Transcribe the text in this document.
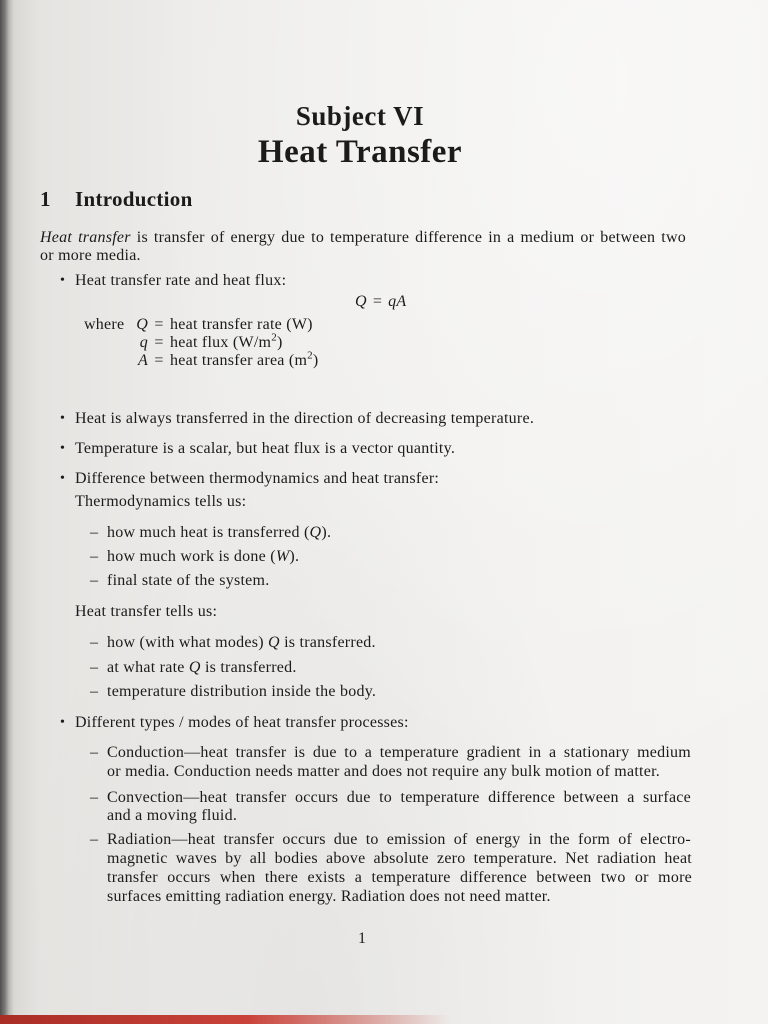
Subject VI
Heat Transfer
1 Introduction
Heat transfer is transfer of energy due to temperature difference in a medium or between two
or more media.
• Heat transfer rate and heat flux:
Q = qA
where Q = heat transfer rate (W)
q = heat flux $(W/m^2)$
A = heat transfer area $(m^2)$
• Heat is always transferred in the direction of decreasing temperature.
• Temperature is a scalar, but heat flux is a vector quantity.
• Difference between thermodynamics and heat transfer:
Thermodynamics tells us:
– how much heat is transferred (Q).
– how much work is done (W).
– final state of the system.
Heat transfer tells us:
– how (with what modes) Q is transferred.
– at what rate Q is transferred.
– temperature distribution inside the body.
• Different types / modes of heat transfer processes:
– Conduction—heat transfer is due to a temperature gradient in a stationary medium
or media. Conduction needs matter and does not require any bulk motion of matter.
– Convection—heat transfer occurs due to temperature difference between a surface
and a moving fluid.
– Radiation—heat transfer occurs due to emission of energy in the form of electro-
magnetic waves by all bodies above absolute zero temperature. Net radiation heat
transfer occurs when there exists a temperature difference between two or more
surfaces emitting radiation energy. Radiation does not need matter.
1
